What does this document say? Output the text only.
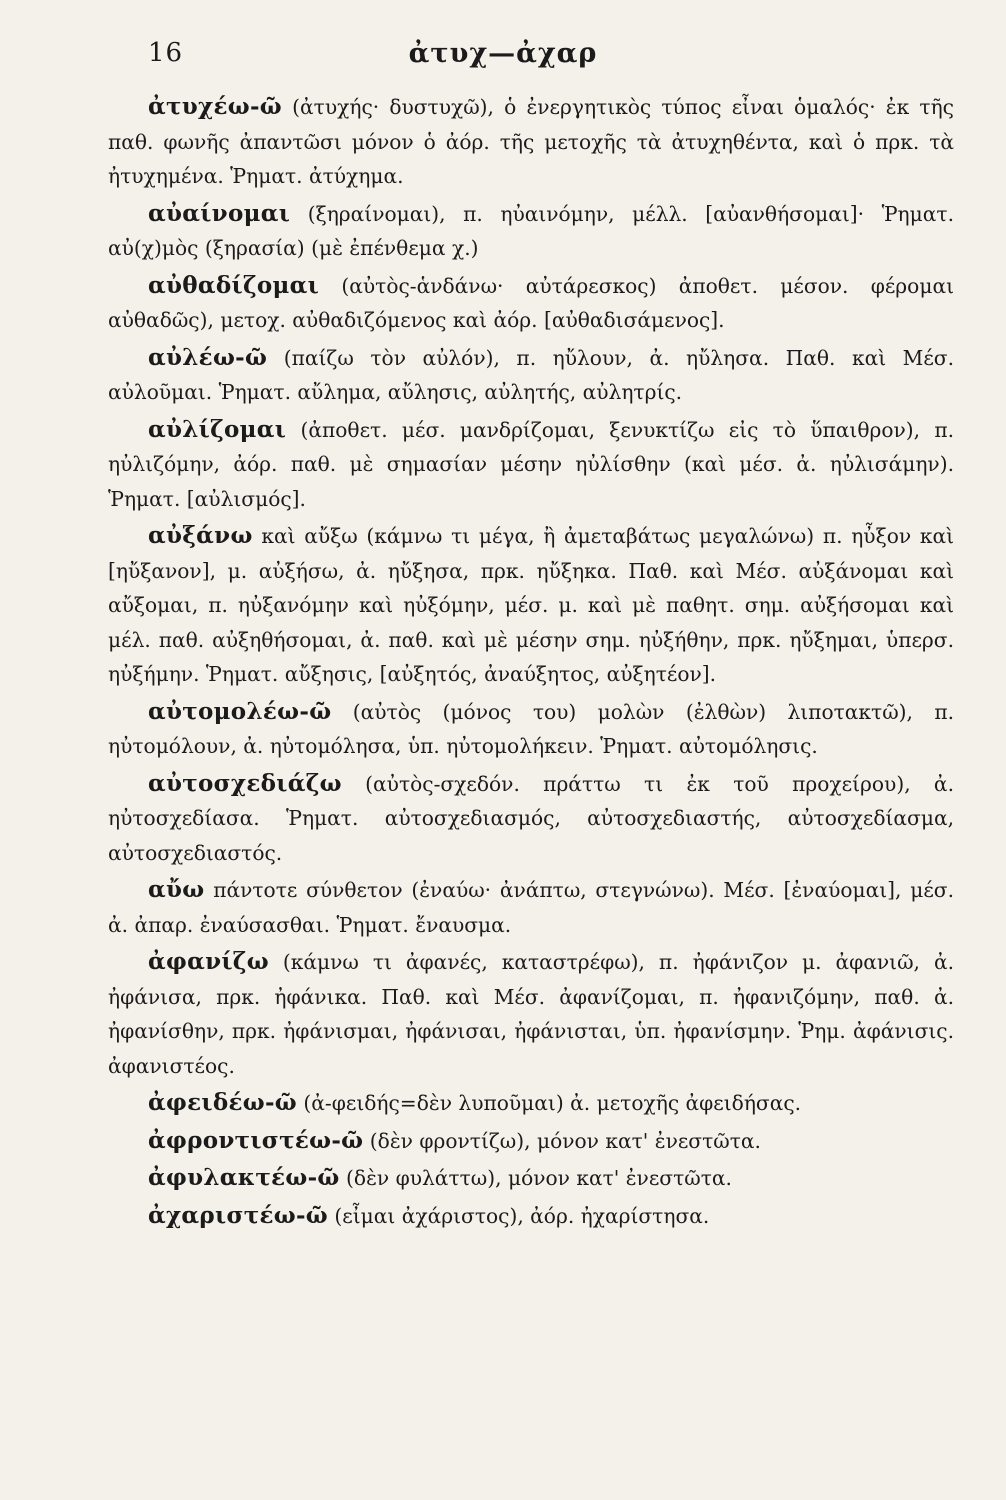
16	ἀτυχ—ἀχαρ

ἀτυχέω-ῶ (ἀτυχής· δυστυχῶ), ὁ ἐνεργητικὸς τύπος εἶναι ὁμαλός· ἐκ τῆς παθ. φωνῆς ἀπαντῶσι μόνον ὁ ἀόρ. τῆς μετοχῆς τὰ ἀτυχηθέντα, καὶ ὁ πρκ. τὰ ἠτυχημένα. Ῥηματ. ἀτύχημα.

αὐαίνομαι (ξηραίνομαι), π. ηὐαινόμην, μέλλ. [αὐανθήσομαι]· Ῥηματ. αὐ(χ)μὸς (ξηρασία) (μὲ ἐπένθεμα χ.)

αὐθαδίζομαι (αὐτὸς-ἁνδάνω· αὐτάρεσκος) ἀποθετ. μέσον. φέρομαι αὐθαδῶς), μετοχ. αὐθαδιζόμενος καὶ ἀόρ. [αὐθαδισάμενος].

αὐλέω-ῶ (παίζω τὸν αὐλόν), π. ηὔλουν, ἀ. ηὔλησα. Παθ. καὶ Μέσ. αὐλοῦμαι. Ῥηματ. αὔλημα, αὔλησις, αὐλητής, αὐλητρίς.

αὐλίζομαι (ἀποθετ. μέσ. μανδρίζομαι, ξενυκτίζω εἰς τὸ ὕπαιθρον), π. ηὐλιζόμην, ἀόρ. παθ. μὲ σημασίαν μέσην ηὐλίσθην (καὶ μέσ. ἀ. ηὐλισάμην). Ῥηματ. [αὐλισμός].

αὐξάνω καὶ αὔξω (κάμνω τι μέγα, ἢ ἀμεταβάτως μεγαλώνω) π. ηὖξον καὶ [ηὔξανον], μ. αὐξήσω, ἀ. ηὔξησα, πρκ. ηὔξηκα. Παθ. καὶ Μέσ. αὐξάνομαι καὶ αὔξομαι, π. ηὐξανόμην καὶ ηὐξόμην, μέσ. μ. καὶ μὲ παθητ. σημ. αὐξήσομαι καὶ μέλ. παθ. αὐξηθήσομαι, ἀ. παθ. καὶ μὲ μέσην σημ. ηὐξήθην, πρκ. ηὔξημαι, ὑπερσ. ηὐξήμην. Ῥηματ. αὔξησις, [αὐξητός, ἀναύξητος, αὐξητέον].

αὐτομολέω-ῶ (αὐτὸς (μόνος του) μολὼν (ἐλθὼν) λιποτακτῶ), π. ηὐτομόλουν, ἀ. ηὐτομόλησα, ὑπ. ηὐτομολήκειν. Ῥηματ. αὐτομόλησις.

αὐτοσχεδιάζω (αὐτὸς-σχεδόν. πράττω τι ἐκ τοῦ προχείρου), ἀ. ηὐτοσχεδίασα. Ῥηματ. αὐτοσχεδιασμός, αὐτοσχεδιαστής, αὐτοσχεδίασμα, αὐτοσχεδιαστός.

αὔω πάντοτε σύνθετον (ἐναύω· ἀνάπτω, στεγνώνω). Μέσ. [ἐναύομαι], μέσ. ἀ. ἀπαρ. ἐναύσασθαι. Ῥηματ. ἔναυσμα.

ἀφανίζω (κάμνω τι ἀφανές, καταστρέφω), π. ἠφάνιζον μ. ἀφανιῶ, ἀ. ἠφάνισα, πρκ. ἠφάνικα. Παθ. καὶ Μέσ. ἀφανίζομαι, π. ἠφανιζόμην, παθ. ἀ. ἠφανίσθην, πρκ. ἠφάνισμαι, ἠφάνισαι, ἠφάνισται, ὑπ. ἠφανίσμην. Ῥημ. ἀφάνισις. ἀφανιστέος.

ἀφειδέω-ῶ (ἀ-φειδής=δὲν λυποῦμαι) ἀ. μετοχῆς ἀφειδήσας.

ἀφροντιστέω-ῶ (δὲν φροντίζω), μόνον κατ' ἐνεστῶτα.

ἀφυλακτέω-ῶ (δὲν φυλάττω), μόνον κατ' ἐνεστῶτα.

ἀχαριστέω-ῶ (εἶμαι ἀχάριστος), ἀόρ. ἠχαρίστησα.
